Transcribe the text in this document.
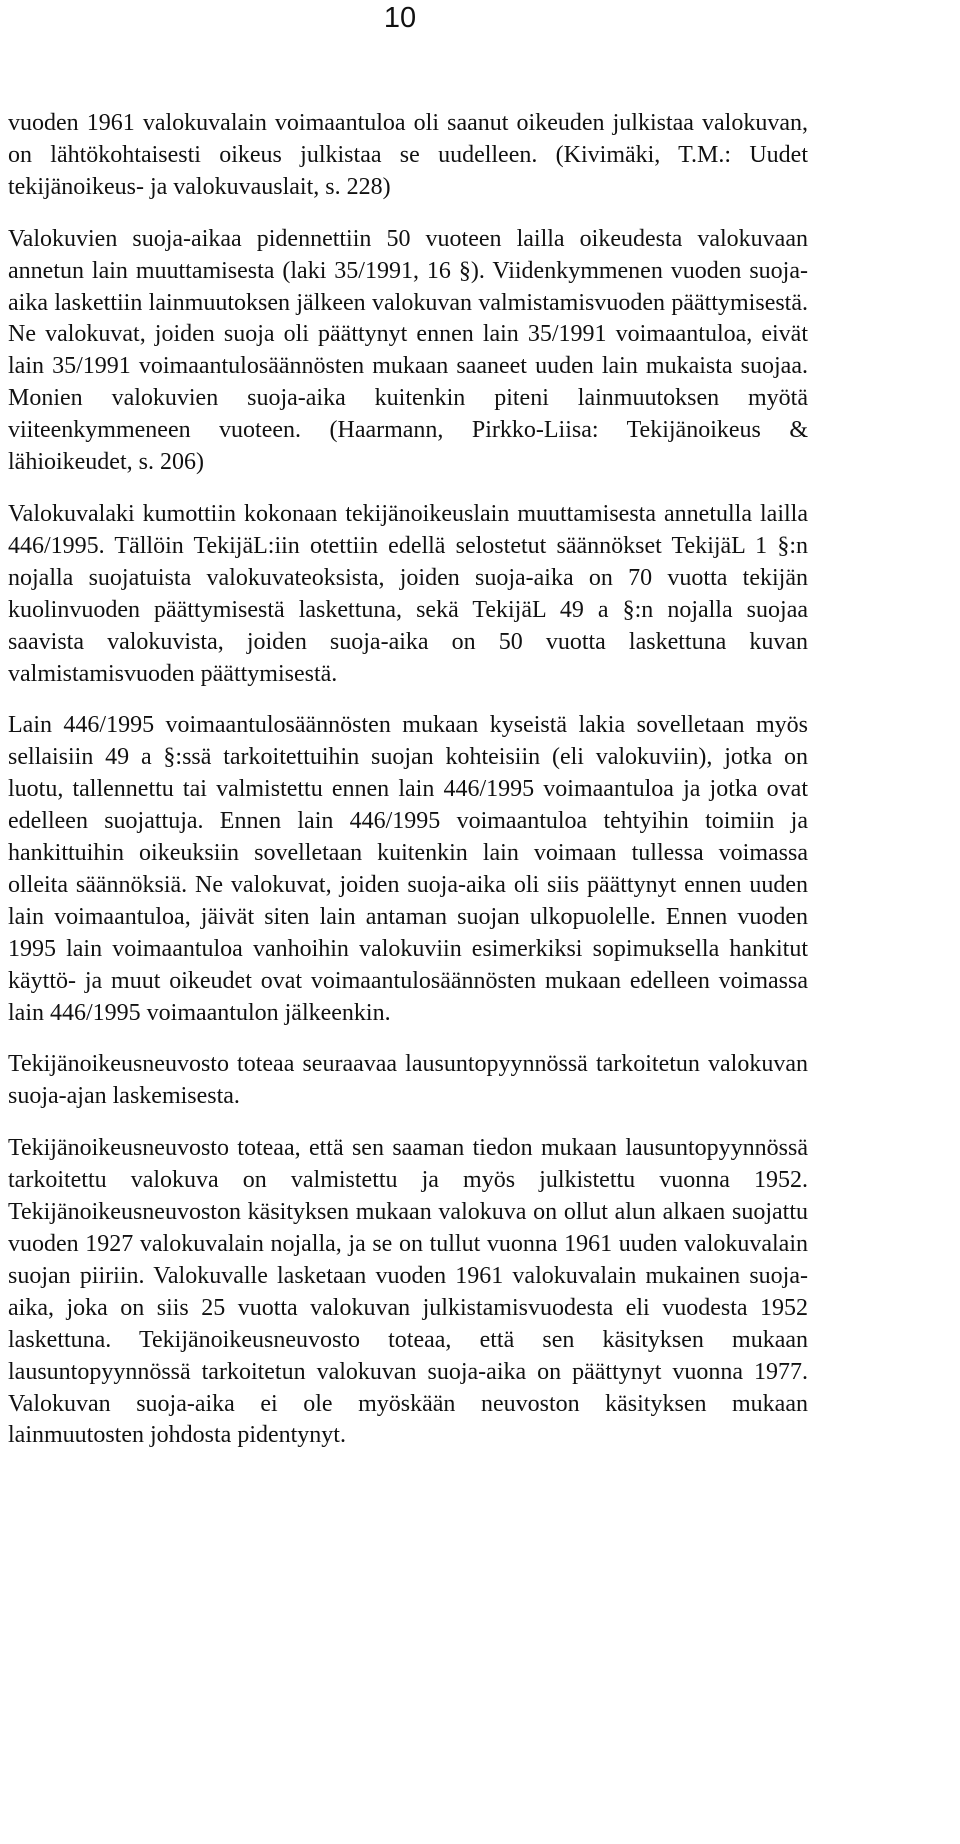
10

vuoden 1961 valokuvalain voimaantuloa oli saanut oikeuden julkistaa valokuvan, on lähtökohtaisesti oikeus julkistaa se uudelleen. (Kivimäki, T.M.: Uudet tekijänoikeus- ja valokuvauslait, s. 228)

Valokuvien suoja-aikaa pidennettiin 50 vuoteen lailla oikeudesta valokuvaan annetun lain muuttamisesta (laki 35/1991, 16 §). Viidenkymmenen vuoden suoja-aika laskettiin lainmuutoksen jälkeen valokuvan valmistamisvuoden päättymisestä. Ne valokuvat, joiden suoja oli päättynyt ennen lain 35/1991 voimaantuloa, eivät lain 35/1991 voimaantulosäännösten mukaan saaneet uuden lain mukaista suojaa. Monien valokuvien suoja-aika kuitenkin piteni lainmuutoksen myötä viiteenkymmeneen vuoteen. (Haarmann, Pirkko-Liisa: Tekijänoikeus & lähioikeudet, s. 206)

Valokuvalaki kumottiin kokonaan tekijänoikeuslain muuttamisesta annetulla lailla 446/1995. Tällöin TekijäL:iin otettiin edellä selostetut säännökset TekijäL 1 §:n nojalla suojatuista valokuvateoksista, joiden suoja-aika on 70 vuotta tekijän kuolinvuoden päättymisestä laskettuna, sekä TekijäL 49 a §:n nojalla suojaa saavista valokuvista, joiden suoja-aika on 50 vuotta laskettuna kuvan valmistamisvuoden päättymisestä.

Lain 446/1995 voimaantulosäännösten mukaan kyseistä lakia sovelletaan myös sellaisiin 49 a §:ssä tarkoitettuihin suojan kohteisiin (eli valokuviin), jotka on luotu, tallennettu tai valmistettu ennen lain 446/1995 voimaantuloa ja jotka ovat edelleen suojattuja. Ennen lain 446/1995 voimaantuloa tehtyihin toimiin ja hankittuihin oikeuksiin sovelletaan kuitenkin lain voimaan tullessa voimassa olleita säännöksiä. Ne valokuvat, joiden suoja-aika oli siis päättynyt ennen uuden lain voimaantuloa, jäivät siten lain antaman suojan ulkopuolelle. Ennen vuoden 1995 lain voimaantuloa vanhoihin valokuviin esimerkiksi sopimuksella hankitut käyttö- ja muut oikeudet ovat voimaantulosäännösten mukaan edelleen voimassa lain 446/1995 voimaantulon jälkeenkin.

Tekijänoikeusneuvosto toteaa seuraavaa lausuntopyynnössä tarkoitetun valokuvan suoja-ajan laskemisesta.

Tekijänoikeusneuvosto toteaa, että sen saaman tiedon mukaan lausuntopyynnössä tarkoitettu valokuva on valmistettu ja myös julkistettu vuonna 1952. Tekijänoikeusneuvoston käsityksen mukaan valokuva on ollut alun alkaen suojattu vuoden 1927 valokuvalain nojalla, ja se on tullut vuonna 1961 uuden valokuvalain suojan piiriin. Valokuvalle lasketaan vuoden 1961 valokuvalain mukainen suoja-aika, joka on siis 25 vuotta valokuvan julkistamisvuodesta eli vuodesta 1952 laskettuna. Tekijänoikeusneuvosto toteaa, että sen käsityksen mukaan lausuntopyynnössä tarkoitetun valokuvan suoja-aika on päättynyt vuonna 1977. Valokuvan suoja-aika ei ole myöskään neuvoston käsityksen mukaan lainmuutosten johdosta pidentynyt.
